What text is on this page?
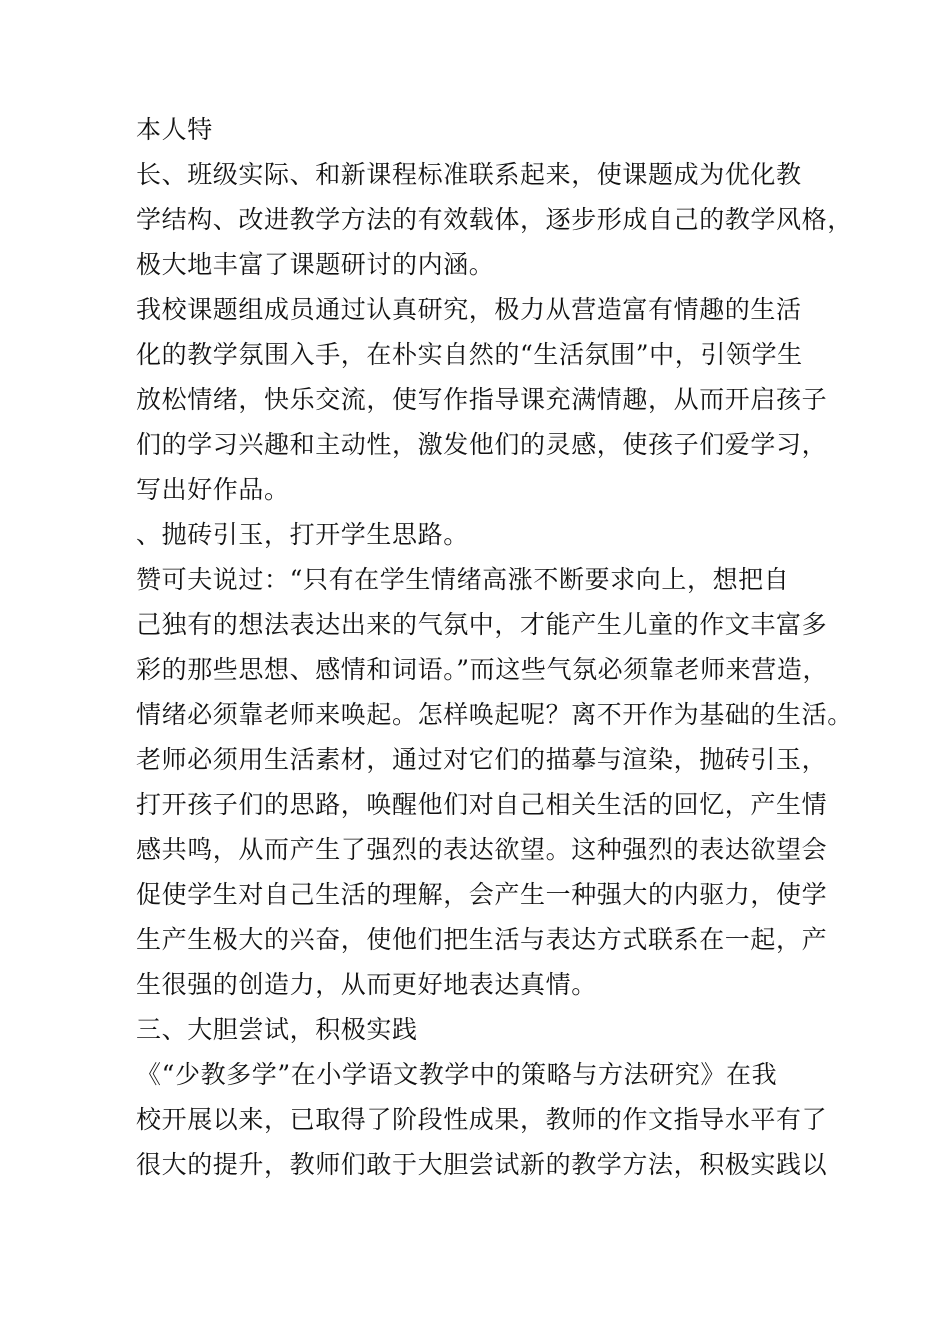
本人特
长、班级实际、和新课程标准联系起来，使课题成为优化教
学结构、改进教学方法的有效载体，逐步形成自己的教学风格，
极大地丰富了课题研讨的内涵。
我校课题组成员通过认真研究，极力从营造富有情趣的生活
化的教学氛围入手，在朴实自然的“生活氛围”中，引领学生
放松情绪，快乐交流，使写作指导课充满情趣，从而开启孩子
们的学习兴趣和主动性，激发他们的灵感，使孩子们爱学习，
写出好作品。
、抛砖引玉，打开学生思路。
赞可夫说过：“只有在学生情绪高涨不断要求向上，想把自
己独有的想法表达出来的气氛中，才能产生儿童的作文丰富多
彩的那些思想、感情和词语。”而这些气氛必须靠老师来营造，
情绪必须靠老师来唤起。怎样唤起呢？离不开作为基础的生活。
老师必须用生活素材，通过对它们的描摹与渲染，抛砖引玉，
打开孩子们的思路，唤醒他们对自己相关生活的回忆，产生情
感共鸣，从而产生了强烈的表达欲望。这种强烈的表达欲望会
促使学生对自己生活的理解，会产生一种强大的内驱力，使学
生产生极大的兴奋，使他们把生活与表达方式联系在一起，产
生很强的创造力，从而更好地表达真情。
三、大胆尝试，积极实践
《“少教多学”在小学语文教学中的策略与方法研究》在我
校开展以来，已取得了阶段性成果，教师的作文指导水平有了
很大的提升，教师们敢于大胆尝试新的教学方法，积极实践以
